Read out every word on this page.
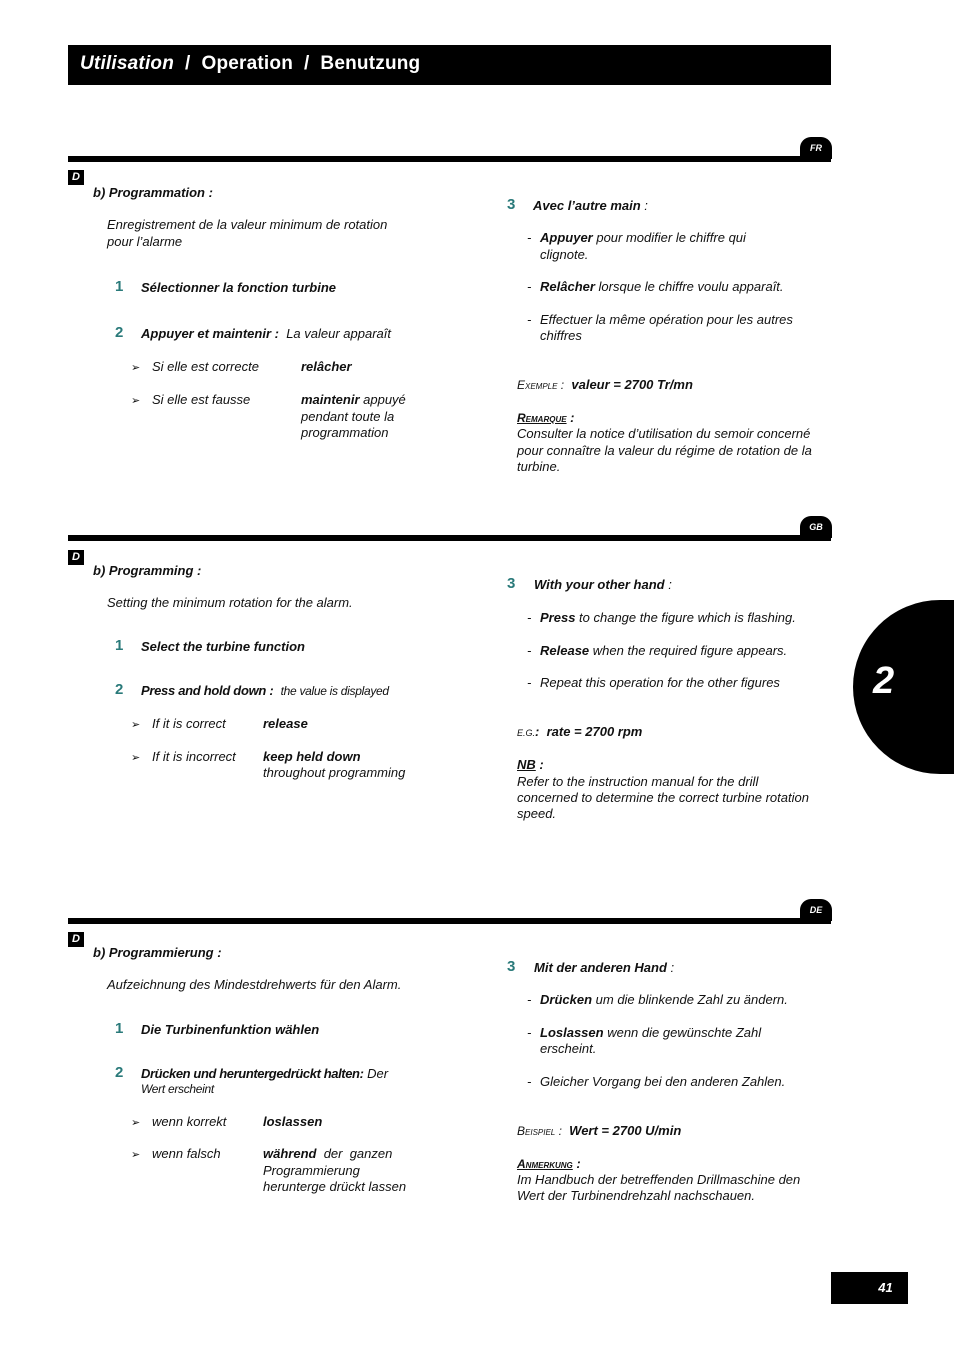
Utilisation / Operation / Benutzung
FR
D
b) Programmation :
Enregistrement de la valeur minimum de rotation
pour l’alarme
1 Sélectionner la fonction turbine
2 Appuyer et maintenir : La valeur apparaît
➢ Si elle est correcte	relâcher
➢ Si elle est fausse	maintenir appuyé
pendant toute la
programmation
3 Avec l’autre main :
- Appuyer pour modifier le chiffre qui
clignote.
- Relâcher lorsque le chiffre voulu apparaît.
- Effectuer la même opération pour les autres
chiffres
Exemple : valeur = 2700 Tr/mn
Remarque :
Consulter la notice d’utilisation du semoir concerné
pour connaître la valeur du régime de rotation de la
turbine.
GB
D
b) Programming :
Setting the minimum rotation for the alarm.
1 Select the turbine function
2 Press and hold down : the value is displayed
➢ If it is correct	release
➢ If it is incorrect keep held down
throughout programming
3 With your other hand :
- Press to change the figure which is flashing.
- Release when the required figure appears.
- Repeat this operation for the other figures
E.G.: rate = 2700 rpm
NB :
Refer to the instruction manual for the drill
concerned to determine the correct turbine rotation
speed.
DE
D
b) Programmierung :
Aufzeichnung des Mindestdrehwerts für den Alarm.
1 Die Turbinenfunktion wählen
2 Drücken und heruntergedrückt halten: Der
Wert erscheint
➢ wenn korrekt	loslassen
➢ wenn falsch	während  der  ganzen
Programmierung
herunterge drückt lassen
3 Mit der anderen Hand :
- Drücken um die blinkende Zahl zu ändern.
- Loslassen wenn die gewünschte Zahl
erscheint.
- Gleicher Vorgang bei den anderen Zahlen.
Beispiel : Wert = 2700 U/min
Anmerkung :
Im Handbuch der betreffenden Drillmaschine den
Wert der Turbinendrehzahl nachschauen.
2
41
